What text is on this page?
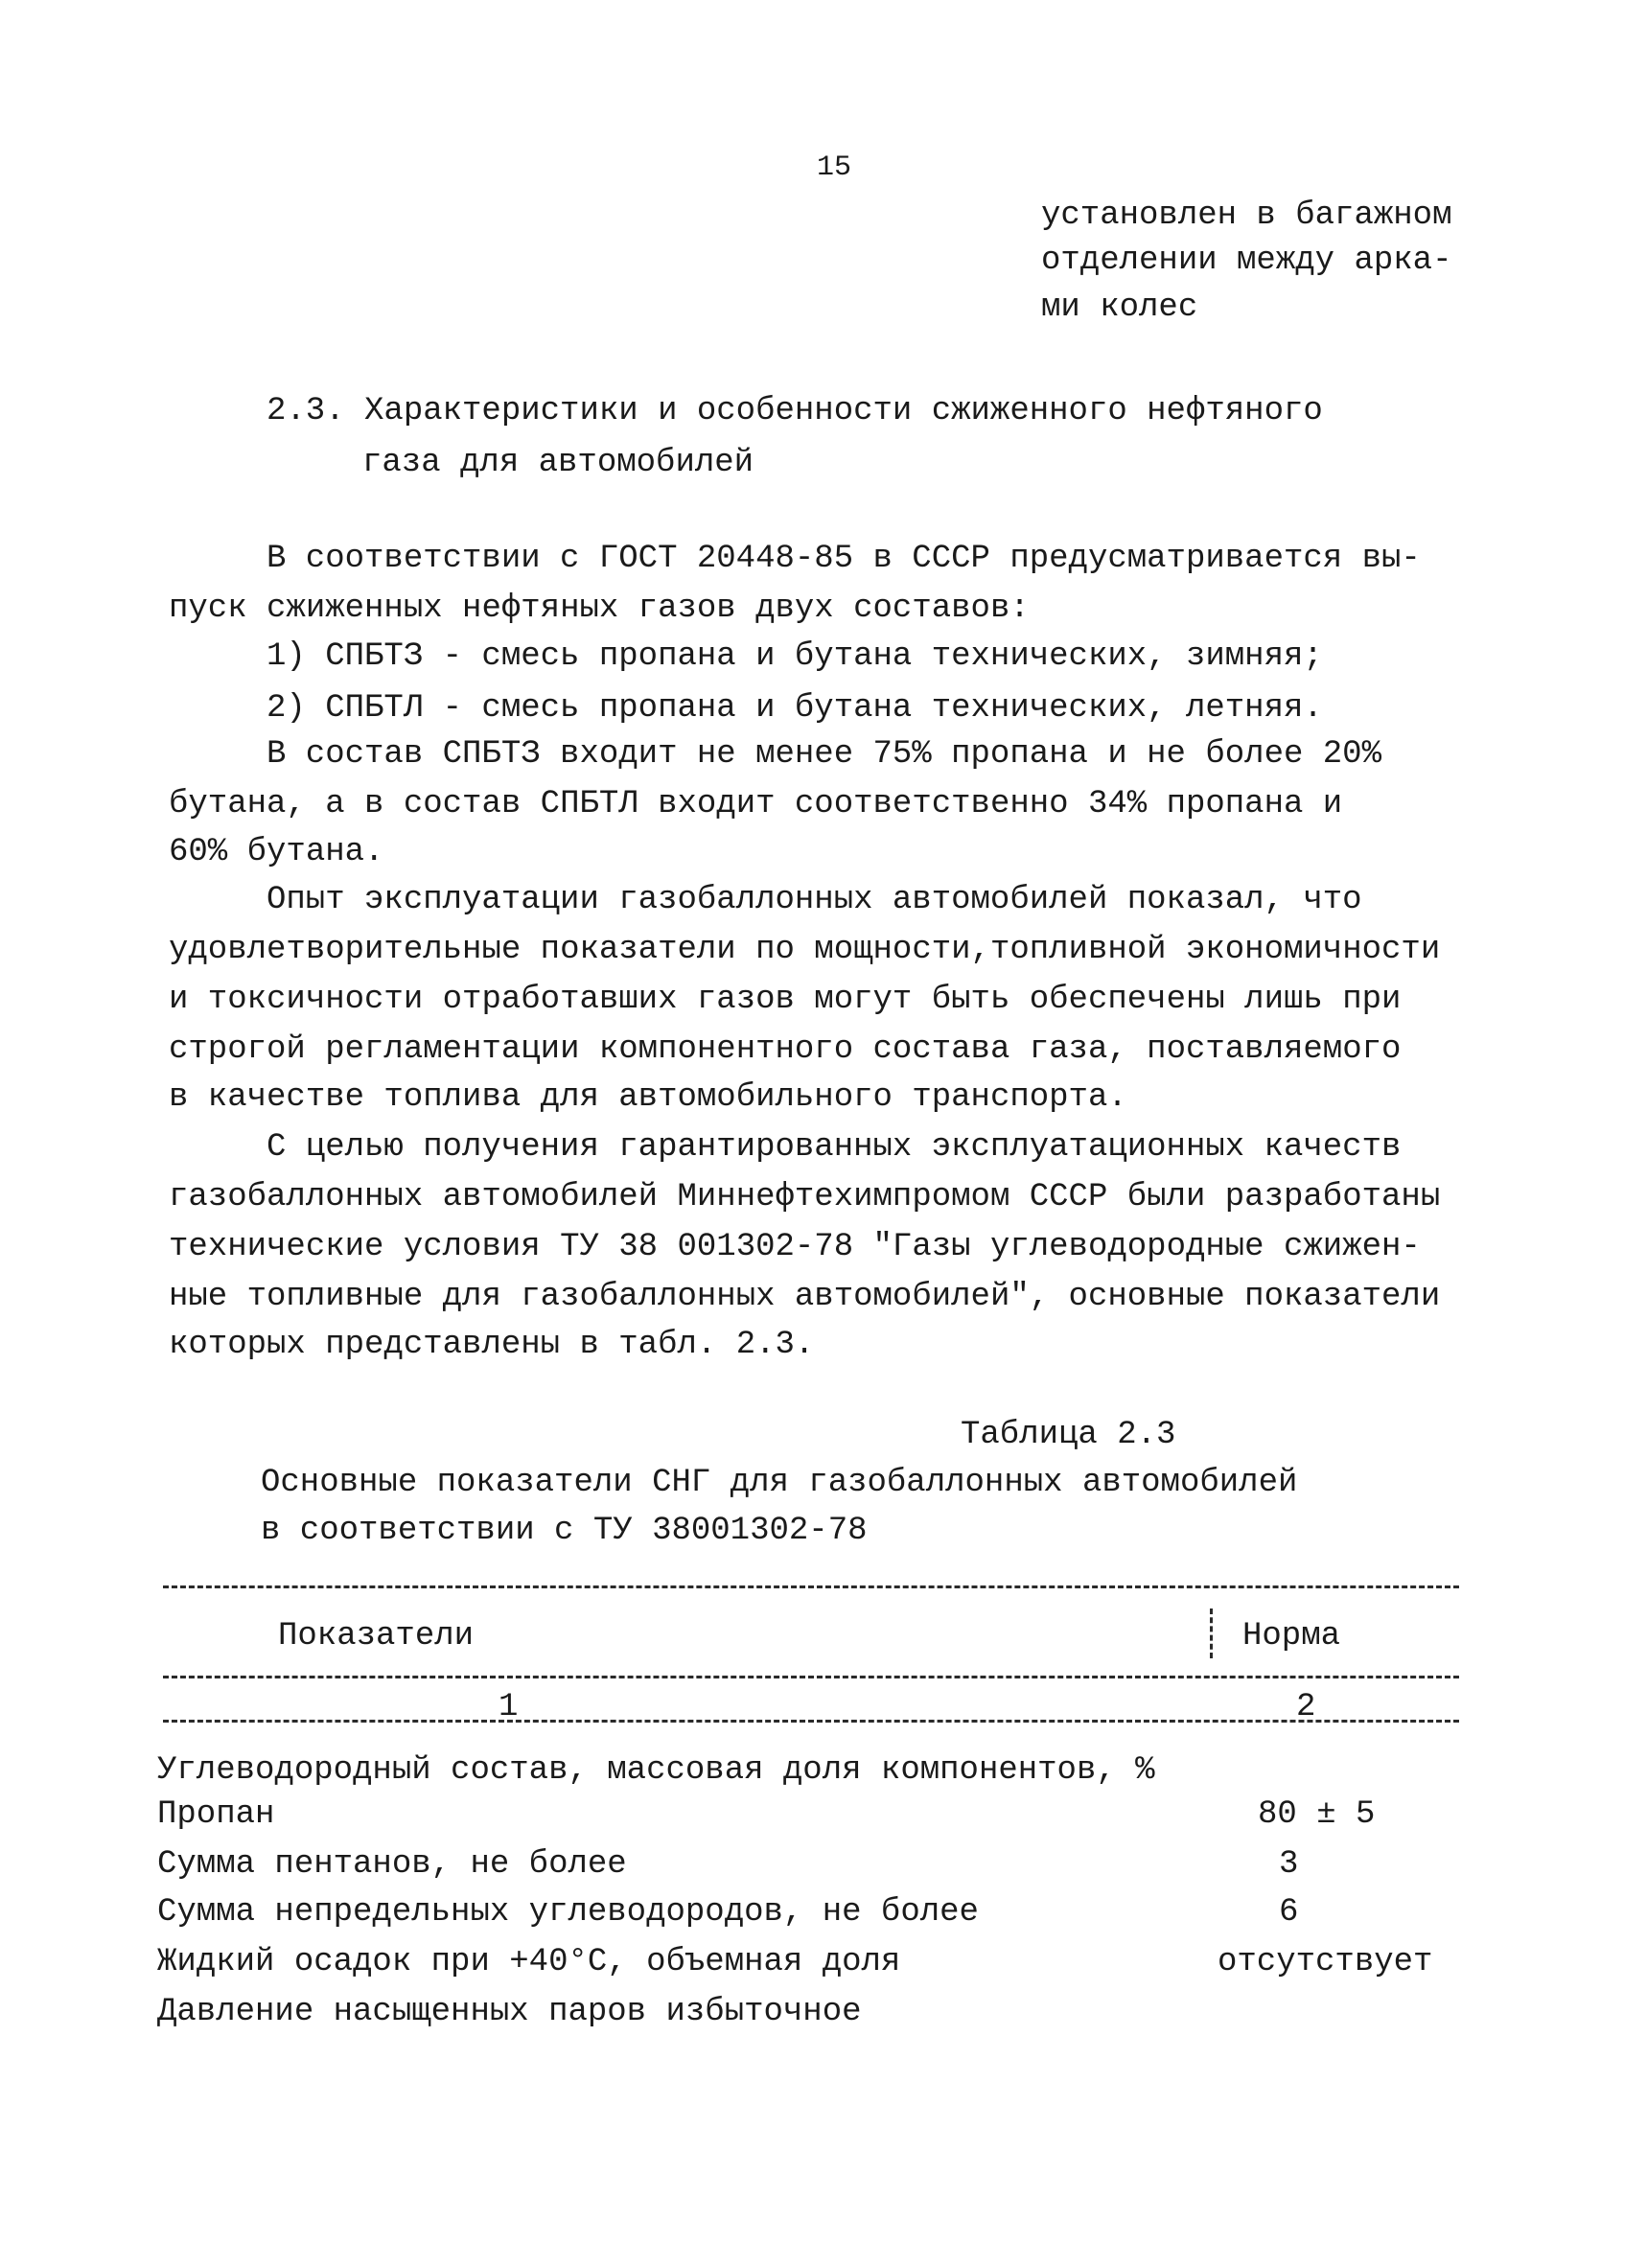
15
установлен в багажном
отделении между арка-
ми колес
2.3. Характеристики и особенности сжиженного нефтяного
газа для автомобилей
В соответствии с ГОСТ 20448-85 в СССР предусматривается вы-
пуск сжиженных нефтяных газов двух составов:
1) СПБТЗ - смесь пропана и бутана технических, зимняя;
2) СПБТЛ - смесь пропана и бутана технических, летняя.
В состав СПБТЗ входит не менее 75% пропана и не более 20%
бутана, а в состав СПБТЛ входит соответственно 34% пропана и
60% бутана.
Опыт эксплуатации газобаллонных автомобилей показал, что
удовлетворительные показатели по мощности,топливной экономичности
и токсичности отработавших газов могут быть обеспечены лишь при
строгой регламентации компонентного состава газа, поставляемого
в качестве топлива для автомобильного транспорта.
С целью получения гарантированных эксплуатационных качеств
газобаллонных автомобилей Миннефтехимпромом СССР были разработаны
технические условия ТУ 38 001302-78 "Газы углеводородные сжижен-
ные топливные для газобаллонных автомобилей", основные показатели
которых представлены в табл. 2.3.
Таблица 2.3
Основные показатели СНГ для газобаллонных автомобилей
в соответствии с ТУ 38001302-78
Показатели	Норма
1	2
Углеводородный состав, массовая доля компонентов, %
Пропан	80 ± 5
Сумма пентанов, не более	3
Сумма непредельных углеводородов, не более	6
Жидкий осадок при +40°С, объемная доля	отсутствует
Давление насыщенных паров избыточное
